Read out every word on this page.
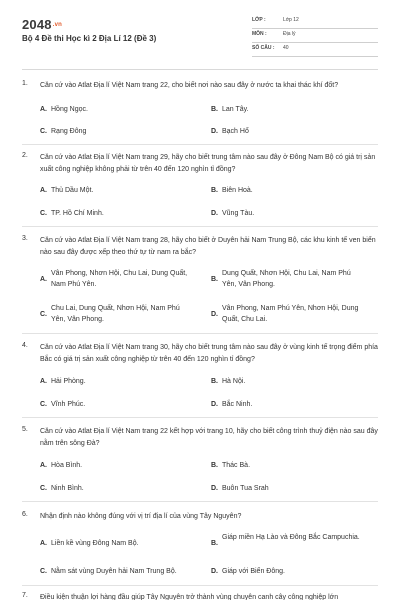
$2048^{.vn}$
Bộ 4 Đề thi Học kì 2 Địa Lí 12 (Đề 3)
LỚP :	Lớp 12
MÔN :	Địa lý
SỐ CÂU : 40
1. Căn cứ vào Atlat Địa lí Việt Nam trang 22, cho biết nơi nào sau đây ở nước ta khai thác khí đốt?
A. Hồng Ngọc.	B. Lan Tây.
C. Rạng Đông	D. Bạch Hổ
2. Căn cứ vào Atlat Địa lí Việt Nam trang 29, hãy cho biết trung tâm nào sau đây ở Đông Nam Bộ có giá trị sản xuất công nghiệp không phải từ trên 40 đến 120 nghìn tỉ đồng?
A. Thủ Dầu Một.	B. Biên Hoà.
C. TP. Hồ Chí Minh.	D. Vũng Tàu.
3. Căn cứ vào Atlat Địa lí Việt Nam trang 28, hãy cho biết ở Duyên hải Nam Trung Bộ, các khu kinh tế ven biển nào sau đây được xếp theo thứ tự từ nam ra bắc?
A.
Vân Phong, Nhơn Hội, Chu Lai, Dung Quất, Nam Phú Yên.
B.
Dung Quất, Nhơn Hội, Chu Lai, Nam Phú Yên, Vân Phong.
C.
Chu Lai, Dung Quất, Nhơn Hội, Nam Phú Yên, Vân Phong.
D.
Vân Phong, Nam Phú Yên, Nhơn Hội, Dung Quất, Chu Lai.
4. Căn cứ vào Atlat Địa lí Việt Nam trang 30, hãy cho biết trung tâm nào sau đây ở vùng kinh tế trọng điểm phía Bắc có giá trị sản xuất công nghiệp từ trên 40 đến 120 nghìn tỉ đồng?
A. Hải Phòng.	B. Hà Nội.
C. Vĩnh Phúc.	D. Bắc Ninh.
5. Căn cứ vào Atlat Địa lí Việt Nam trang 22 kết hợp với trang 10, hãy cho biết công trình thuỷ điện nào sau đây nằm trên sông Đà?
A. Hòa Bình.	B. Thác Bà.
C. Ninh Bình.	D. Buôn Tua Srah
6. Nhận định nào không đúng với vị trí địa lí của vùng Tây Nguyên?
A. Liền kề vùng Đông Nam Bộ.	B.
Giáp miền Hạ Lào và Đông Bắc Campuchia.
C. Nằm sát vùng Duyên hải Nam Trung Bộ.	D. Giáp với Biển Đông.
7. Điều kiện thuận lợi hàng đầu giúp Tây Nguyên trở thành vùng chuyên canh cây công nghiệp lớn
